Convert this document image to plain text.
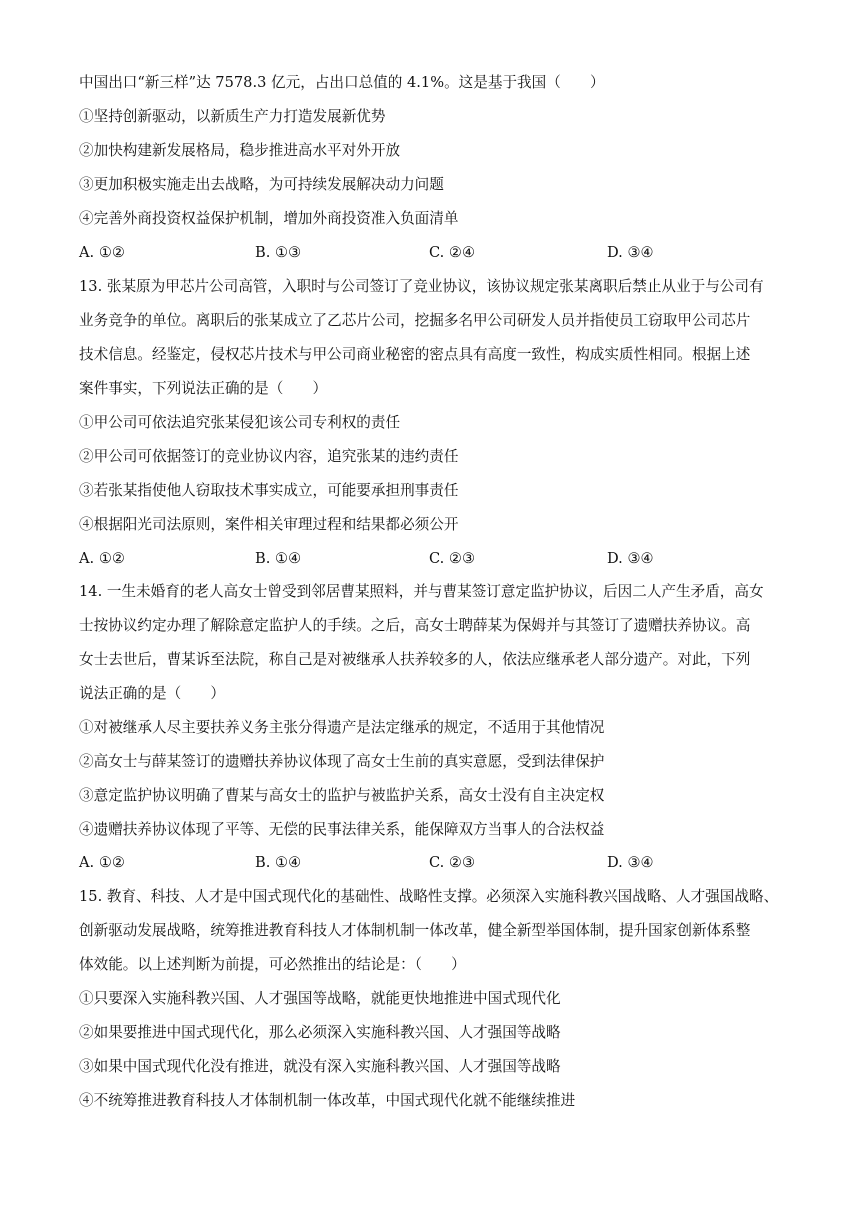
中国出口“新三样”达 7578.3 亿元，占出口总值的 4.1%。这是基于我国（　　）
①坚持创新驱动，以新质生产力打造发展新优势
②加快构建新发展格局，稳步推进高水平对外开放
③更加积极实施走出去战略，为可持续发展解决动力问题
④完善外商投资权益保护机制，增加外商投资准入负面清单
A. ①②	B. ①③	C. ②④	D. ③④
13. 张某原为甲芯片公司高管，入职时与公司签订了竞业协议，该协议规定张某离职后禁止从业于与公司有
业务竞争的单位。离职后的张某成立了乙芯片公司，挖掘多名甲公司研发人员并指使员工窃取甲公司芯片
技术信息。经鉴定，侵权芯片技术与甲公司商业秘密的密点具有高度一致性，构成实质性相同。根据上述
案件事实，下列说法正确的是（　　）
①甲公司可依法追究张某侵犯该公司专利权的责任
②甲公司可依据签订的竞业协议内容，追究张某的违约责任
③若张某指使他人窃取技术事实成立，可能要承担刑事责任
④根据阳光司法原则，案件相关审理过程和结果都必须公开
A. ①②	B. ①④	C. ②③	D. ③④
14. 一生未婚育的老人高女士曾受到邻居曹某照料，并与曹某签订意定监护协议，后因二人产生矛盾，高女
士按协议约定办理了解除意定监护人的手续。之后，高女士聘薛某为保姆并与其签订了遗赠扶养协议。高
女士去世后，曹某诉至法院，称自己是对被继承人扶养较多的人，依法应继承老人部分遗产。对此，下列
说法正确的是（　　）
①对被继承人尽主要扶养义务主张分得遗产是法定继承的规定，不适用于其他情况
②高女士与薛某签订的遗赠扶养协议体现了高女士生前的真实意愿，受到法律保护
③意定监护协议明确了曹某与高女士的监护与被监护关系，高女士没有自主决定权
④遗赠扶养协议体现了平等、无偿的民事法律关系，能保障双方当事人的合法权益
A. ①②	B. ①④	C. ②③	D. ③④
15. 教育、科技、人才是中国式现代化的基础性、战略性支撑。必须深入实施科教兴国战略、人才强国战略、
创新驱动发展战略，统筹推进教育科技人才体制机制一体改革，健全新型举国体制，提升国家创新体系整
体效能。以上述判断为前提，可必然推出的结论是：（　　）
①只要深入实施科教兴国、人才强国等战略，就能更快地推进中国式现代化
②如果要推进中国式现代化，那么必须深入实施科教兴国、人才强国等战略
③如果中国式现代化没有推进，就没有深入实施科教兴国、人才强国等战略
④不统筹推进教育科技人才体制机制一体改革，中国式现代化就不能继续推进
